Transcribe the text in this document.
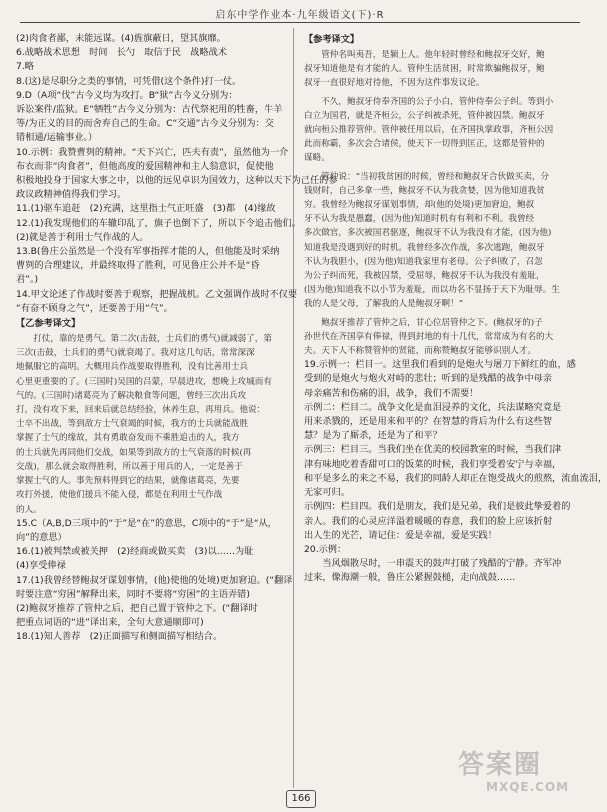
启东中学作业本·九年级语文(下)·R
(2)肉食者鄙，未能远谋。(4)旌旗蔽日，望其旗靡。
6.战略战术思想　时间　长勺　取信于民　战略战术
7.略
8.(这)是尽职分之类的事情，可凭借(这个条件)打一仗。
9.D（A项“伐”古今义均为攻打。B“狱”古今义分别为：
诉讼案件/监狱。E“牺牲”古今义分别为：古代祭祀用的牲畜，牛羊
等/为正义的目的而舍弃自己的生命。C“交通”古今义分别为：交
错相通/运输事业。）
10.示例：我赞曹刿的精神。“天下兴亡，匹夫有责”，虽然他为一介
布衣而非“肉食者”，但他高度的爱国精神和主人翁意识，促使他
积极地投身于国家大事之中，以他的远见卓识为国效力，这种以天下为己任的参
政议政精神值得我们学习。
11.(1)驱车追赶　(2)充满，这里指士气正旺盛　(3)都　(4)缘故
12.(1)我发现他们的车辙印乱了，旗子也倒下了，所以下令追击他们。
(2)就是善于利用士气作战的人。
13.B(鲁庄公虽然是一个没有军事指挥才能的人，但他能及时采纳
曹刿的合理建议，并最终取得了胜利，可见鲁庄公并不是“昏
君”。)
14.甲文论述了作战时要善于观察，把握战机。乙文强调作战时不仅要
“有奋不顾身之气”，还要善于用“气”。
【乙参考译文】
　　打仗，靠的是勇气。第二次(击鼓，士兵们的勇气)就减弱了，第
三次(击鼓，士兵们的勇气)就衰竭了。我对这几句话，常常深深
地佩服它的高明。大概用兵作战要取得胜利，没有比善用士兵
心里更重要的了。(三国时)吴国的吕蒙，早晨进攻，想晚上攻城而有
气的。(三国时)诸葛亮为了解决粮食等问题，曾经三次出兵攻
打，没有攻下来，回来后就总结经验，休养生息，再用兵。他说：
士卒不出战，等到敌方士气衰竭的时候，我方的士兵就能战胜
掌握了士气的缘故，其有勇敢奋发而不乘胜追击的人，我方
的士兵就先再同他们交战，如果等到敌方的士气衰落的时候(再
交战)，那么就会取得胜利，所以善于用兵的人，一定是善于
掌握士气的人。事先预料得到它的结果，就像诸葛亮，先要
攻打外援，使他们援兵不能入侵，都是在利用士气作战
的人。
15.C（A,B,D三项中的“于”是“在”的意思，C项中的“于”是“从，
向”的意思）
16.(1)被判禁或被关押　(2)经商或做买卖　(3)以……为耻
(4)享受俸禄
17.(1)我曾经替鲍叔牙谋划事情，(他)使他的处境)更加窘迫。(“翻译
时要注意“穷困”解释出来，同时不要将“穷困”的主语弄错)
(2)鲍叔牙推荐了管仲之后，把自己置于管仲之下。(“翻译时
把重点词语的“进”译出来，全句大意通顺即可)
18.(1)知人善荐　(2)正面描写和侧面描写相结合。
【参考译文】
　　管仲名叫夷吾，是颍上人。他年轻时曾经和鲍叔牙交好，鲍
叔牙知道他是有才能的人。管仲生活贫困，时常欺骗鲍叔牙，鲍
叔牙一直很好地对待他，不因为这件事发议论。
　　不久，鲍叔牙侍奉齐国的公子小白，管仲侍奉公子纠。等到小
白立为国君，就是齐桓公，公子纠被杀死，管仲被囚禁。鲍叔牙
就向桓公推荐管仲。管仲被任用以后，在齐国执掌政事，齐桓公因
此而称霸，多次会合诸侯，使天下一切得到匡正，这都是管仲的
谋略。
　　管仲说：“当初我贫困的时候，曾经和鲍叔牙合伙做买卖，分
钱财时，自己多拿一些，鲍叔牙不认为我贪婪，因为他知道我贫
穷。我曾经为鲍叔牙谋划事情，却(他的处境)更加窘迫，鲍叔
牙不认为我是愚蠢，(因为他)知道时机有有利和不利。我曾经
多次做官，多次被国君驱逐，鲍叔牙不认为我没有才能，(因为他)
知道我是没遇到好的时机。我曾经多次作战，多次逃跑，鲍叔牙
不认为我胆小，(因为他)知道我家里有老母。公子纠败了，召忽
为公子纠而死，我被囚禁，受屈辱，鲍叔牙不认为我没有羞耻，
(因为他)知道我不以小节为羞耻，而以功名不显扬于天下为耻辱。生
我的人是父母，了解我的人是鲍叔牙啊！”
　　鲍叔牙推荐了管仲之后，甘心位居管仲之下。(鲍叔牙的)子
孙世代在齐国享有俸禄，得到封地的有十几代，常常成为有名的大
夫。天下人不称赞管仲的贤能，而称赞鲍叔牙能够识别人才。
19.示例一：栏目一。这里我们看到的是炮火与屠刀下鲜红的血，感
受到的是炮火与炮火对峙的悲壮；听到的是残酷的战争中母亲
母亲痛苦和伤痛的泪，战争，我们不需要！
示例二：栏目二。战争文化是血泪浸养的文化，兵法谋略究竟是
用来杀戮的，还是用来和平的？在智慧的背后为什么有这些智
慧？是为了厮杀，还是为了和平？
示例三：栏目三。当我们坐在优美的校园教室的时候，当我们津
津有味地吃着香甜可口的饭菜的时候，我们享受着安宁与幸福，
和平是多么的来之不易，我们的同龄人却正在饱受战火的煎熬，流血流泪，
无家可归。
示例四：栏目四。我们是朋友，我们是兄弟，我们是彼此挚爱着的
亲人。我们的心灵应洋溢着暖暖的春意，我们的脸上应该折射
出人生的光芒，请记住：爱是幸福，爱是实践！
20.示例：
　　当风烟散尽时，一串震天的鼓声打破了残酷的宁静。齐军冲
过来，像海潮一般，鲁庄公紧握鼓槌，走向战鼓……
166
答案圈
MXQE.COM
